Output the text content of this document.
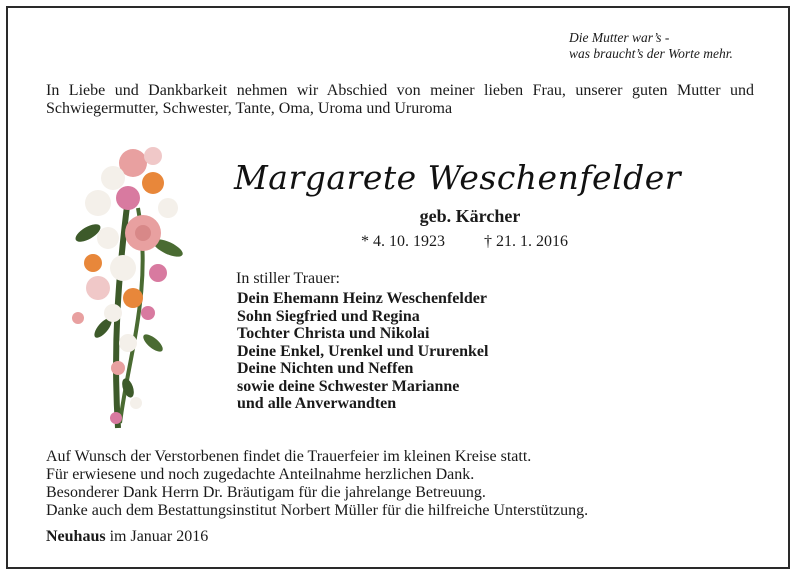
Die Mutter war’s -
was braucht’s der Worte mehr.
In Liebe und Dankbarkeit nehmen wir Abschied von meiner lieben Frau, unserer guten Mutter und Schwiegermutter, Schwester, Tante, Oma, Uroma und Ururoma
Margarete Weschenfelder
geb. Kärcher
* 4. 10. 1923 † 21. 1. 2016
In stiller Trauer:
Dein Ehemann Heinz Weschenfelder
Sohn Siegfried und Regina
Tochter Christa und Nikolai
Deine Enkel, Urenkel und Ururenkel
Deine Nichten und Neffen
sowie deine Schwester Marianne
und alle Anverwandten

Auf Wunsch der Verstorbenen findet die Trauerfeier im kleinen Kreise statt.

Für erwiesene und noch zugedachte Anteilnahme herzlichen Dank.

Besonderer Dank Herrn Dr. Bräutigam für die jahrelange Betreuung.

Danke auch dem Bestattungsinstitut Norbert Müller für die hilfreiche Unterstützung.

Neuhaus im Januar 2016
